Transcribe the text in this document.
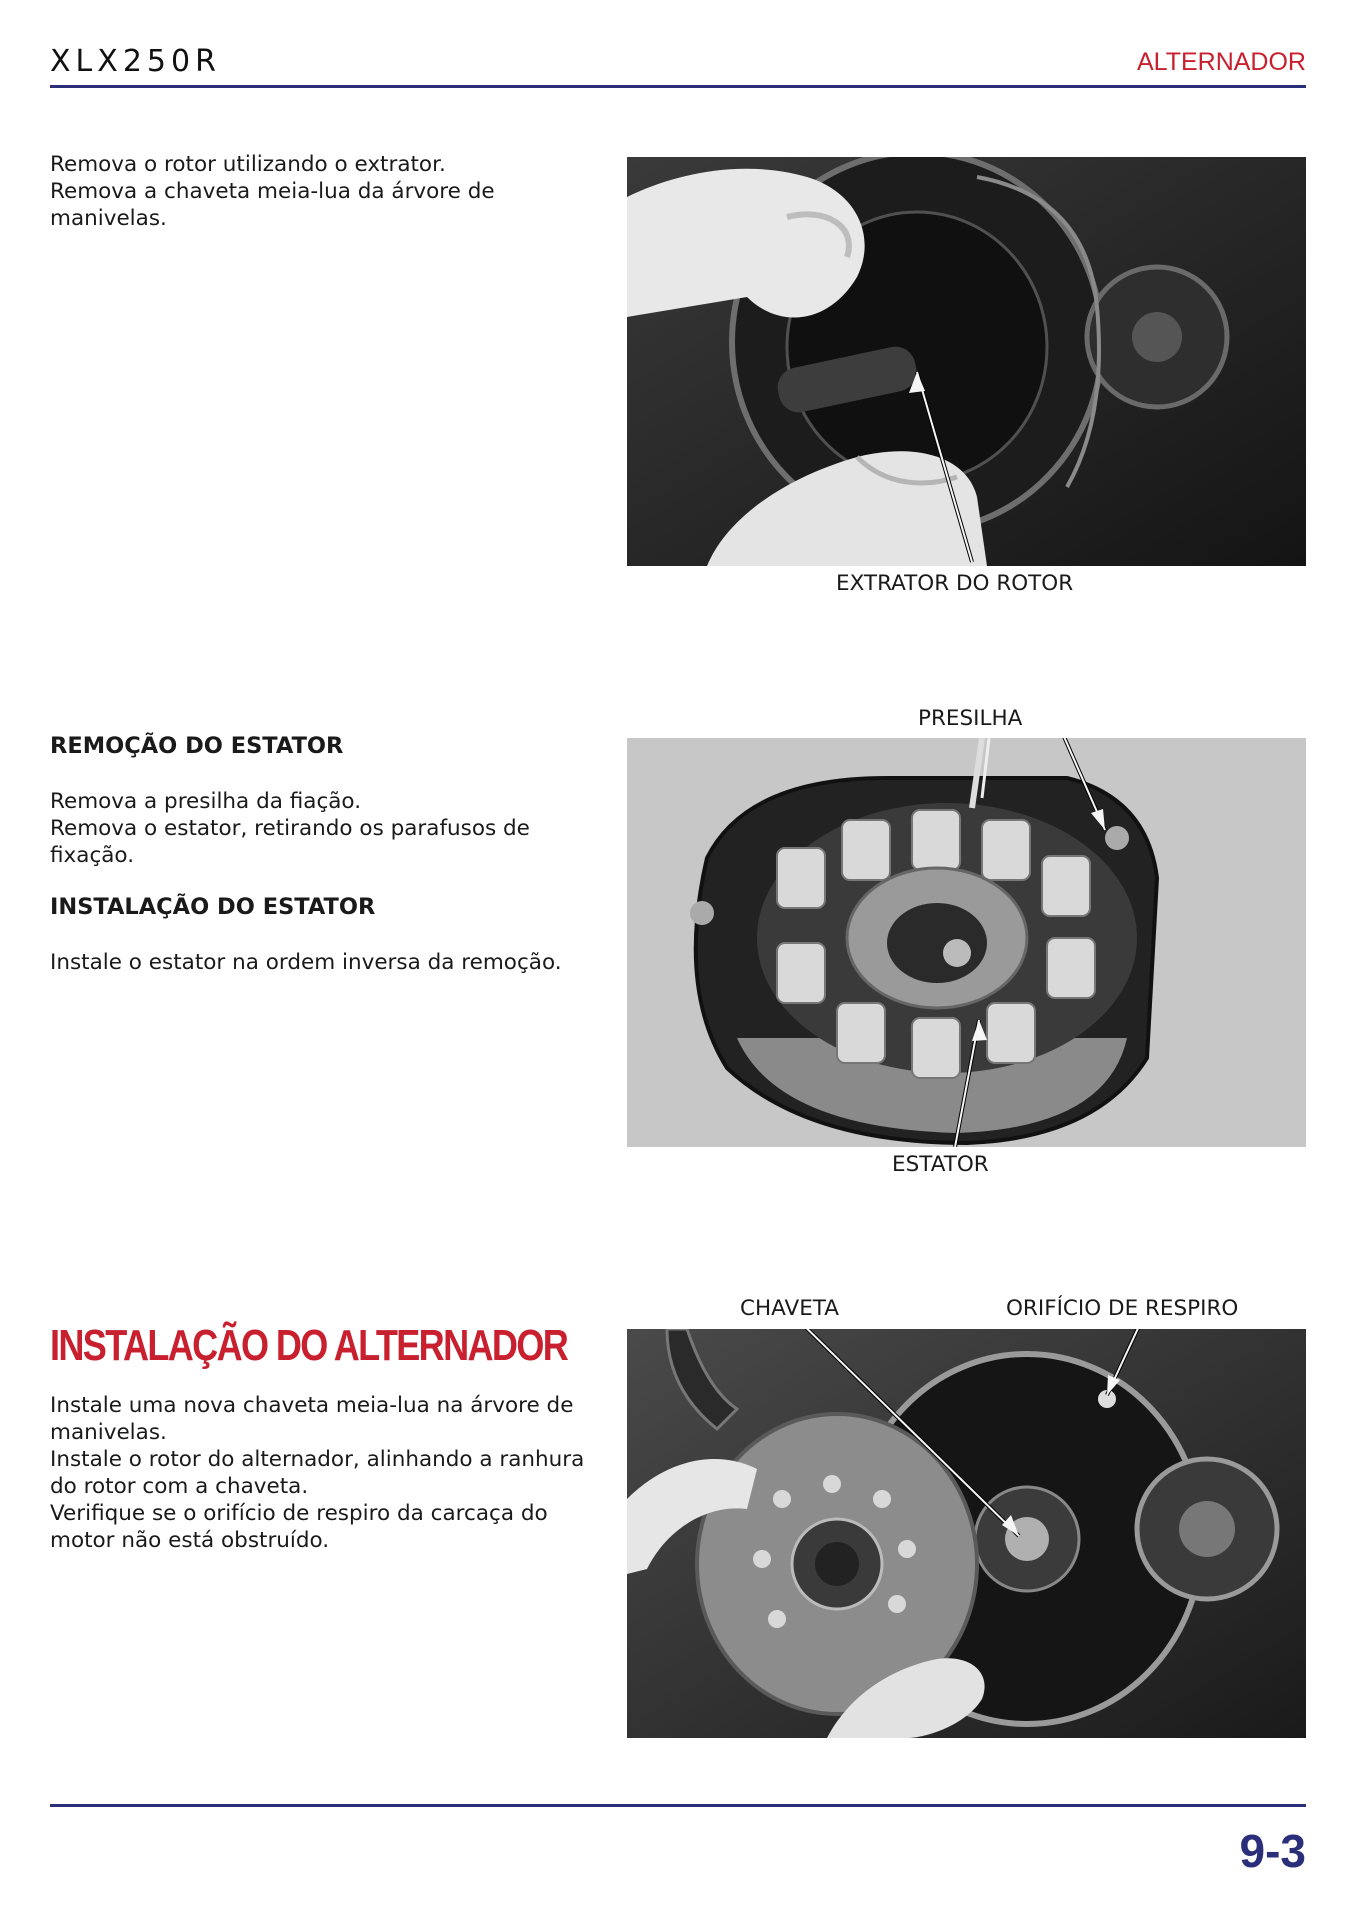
XLX250R	ALTERNADOR

Remova o rotor utilizando o extrator.

Remova a chaveta meia-lua da árvore de

manivelas.

EXTRATOR DO ROTOR
REMOÇÃO DO ESTATOR

Remova a presilha da fiação.

Remova o estator, retirando os parafusos de

fixação.

INSTALAÇÃO DO ESTATOR

Instale o estator na ordem inversa da remoção.

PRESILHA
ESTATOR
INSTALAÇÃO DO ALTERNADOR

Instale uma nova chaveta meia-lua na árvore de

manivelas.

Instale o rotor do alternador, alinhando a ranhura

do rotor com a chaveta.

Verifique se o orifício de respiro da carcaça do

motor não está obstruído.

CHAVETA	ORIFÍCIO DE RESPIRO
9-3
